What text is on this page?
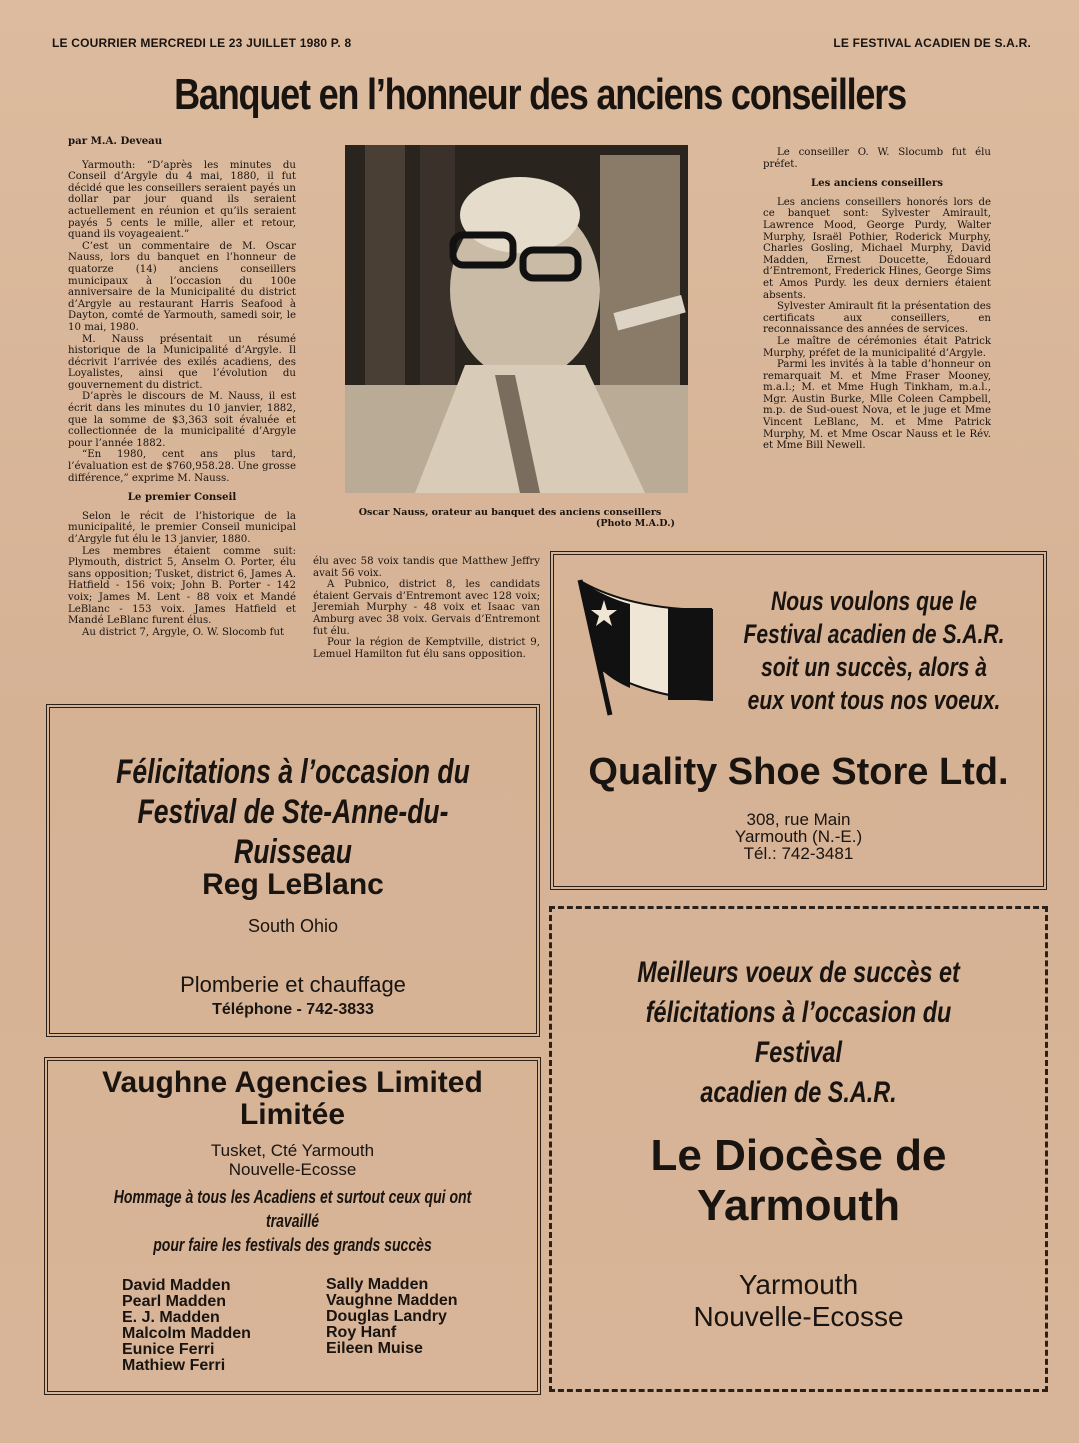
LE COURRIER MERCREDI LE 23 JUILLET 1980 P. 8	LE FESTIVAL ACADIEN DE S.A.R.
Banquet en l’honneur des anciens conseillers

par M.A. Deveau

Yarmouth: “D’après les minutes du Conseil d’Argyle du 4 mai, 1880, il fut décidé que les conseillers seraient payés un dollar par jour quand ils seraient actuellement en réunion et qu’ils seraient payés 5 cents le mille, aller et retour, quand ils voyageaient.”

C’est un commentaire de M. Oscar Nauss, lors du banquet en l’honneur de quatorze (14) anciens conseillers municipaux à l’occasion du 100e anniversaire de la Municipalité du district d’Argyle au restaurant Harris Seafood à Dayton, comté de Yarmouth, samedi soir, le 10 mai, 1980.

M. Nauss présentait un résumé historique de la Municipalité d’Argyle. Il décrivit l’arrivée des exilés acadiens, des Loyalistes, ainsi que l’évolution du gouvernement du district.

D’après le discours de M. Nauss, il est écrit dans les minutes du 10 janvier, 1882, que la somme de $3,363 soit évaluée et collectionnée de la municipalité d’Argyle pour l’année 1882.

“En 1980, cent ans plus tard, l’évaluation est de $760,958.28. Une grosse différence,” exprime M. Nauss.

Le premier Conseil

Selon le récit de l’historique de la municipalité, le premier Conseil municipal d’Argyle fut élu le 13 janvier, 1880.

Les membres étaient comme suit: Plymouth, district 5, Anselm O. Porter, élu sans opposition; Tusket, district 6, James A. Hatfield - 156 voix; John B. Porter - 142 voix; James M. Lent - 88 voix et Mandé LeBlanc - 153 voix. James Hatfield et Mandé LeBlanc furent élus.

Au district 7, Argyle, O. W. Slocomb fut

Oscar Nauss, orateur au banquet des anciens conseillers
(Photo M.A.D.)

élu avec 58 voix tandis que Matthew Jeffry avait 56 voix.

A Pubnico, district 8, les candidats étaient Gervais d’Entremont avec 128 voix; Jeremiah Murphy - 48 voix et Isaac van Amburg avec 38 voix. Gervais d’Entremont fut élu.

Pour la région de Kemptville, district 9, Lemuel Hamilton fut élu sans opposition.

Le conseiller O. W. Slocumb fut élu préfet.

Les anciens conseillers

Les anciens conseillers honorés lors de ce banquet sont: Sylvester Amirault, Lawrence Mood, George Purdy, Walter Murphy, Israël Pothier, Roderick Murphy, Charles Gosling, Michael Murphy, David Madden, Ernest Doucette, Édouard d’Entremont, Frederick Hines, George Sims et Amos Purdy. les deux derniers étaient absents.

Sylvester Amirault fit la présentation des certificats aux conseillers, en reconnaissance des années de services.

Le maître de cérémonies était Patrick Murphy, préfet de la municipalité d’Argyle.

Parmi les invités à la table d’honneur on remarquait M. et Mme Fraser Mooney, m.a.l.; M. et Mme Hugh Tinkham, m.a.l., Mgr. Austin Burke, Mlle Coleen Campbell, m.p. de Sud-ouest Nova, et le juge et Mme Vincent LeBlanc, M. et Mme Patrick Murphy, M. et Mme Oscar Nauss et le Rév. et Mme Bill Newell.

Nous voulons que le Festival acadien de S.A.R. soit un succès, alors à eux vont tous nos voeux.
Quality Shoe Store Ltd.
308, rue Main
Yarmouth (N.-E.)
Tél.: 742-3481
Félicitations à l’occasion du
Festival de Ste-Anne-du-Ruisseau
Reg LeBlanc
South Ohio
Plomberie et chauffage
Téléphone - 742-3833
Vaughne Agencies Limited
Limitée
Tusket, Cté Yarmouth
Nouvelle-Ecosse
Hommage à tous les Acadiens et surtout ceux qui ont travaillé
pour faire les festivals des grands succès
David Madden
Pearl Madden
E. J. Madden
Malcolm Madden
Eunice Ferri
Mathiew Ferri
Sally Madden
Vaughne Madden
Douglas Landry
Roy Hanf
Eileen Muise
Meilleurs voeux de succès et
félicitations à l’occasion du Festival
acadien de S.A.R.
Le Diocèse de
Yarmouth
Yarmouth
Nouvelle-Ecosse
